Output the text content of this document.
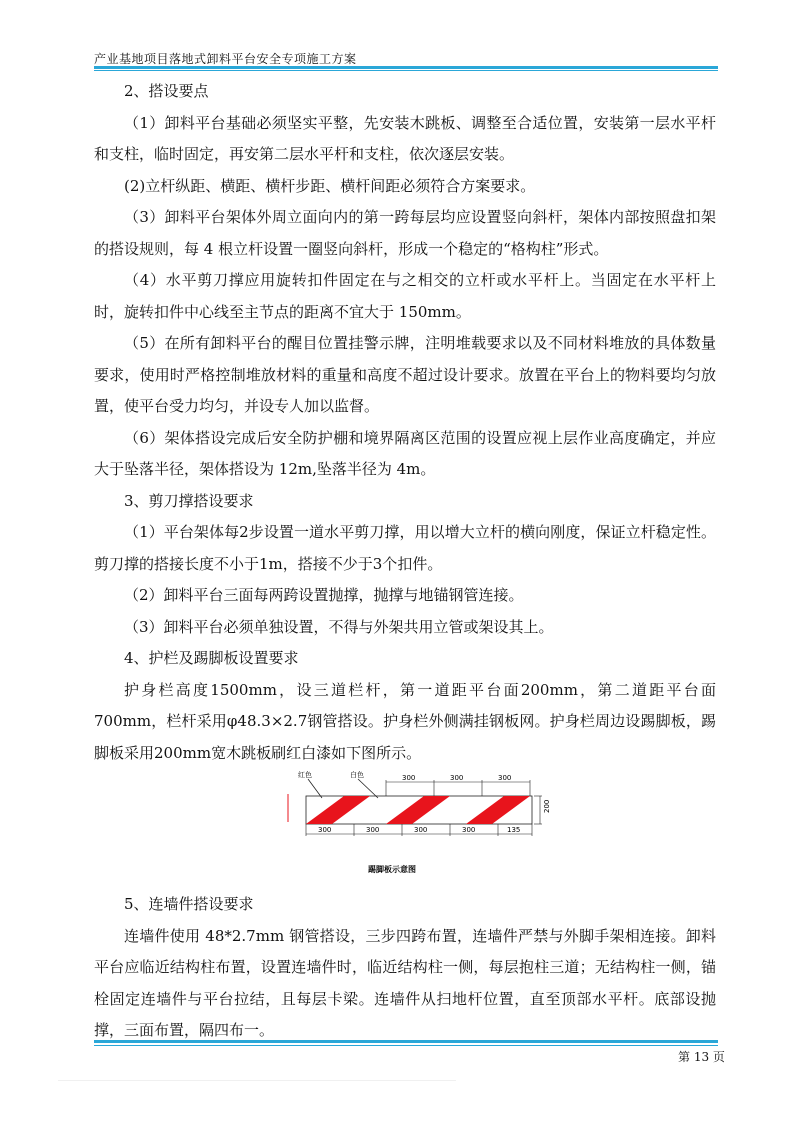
产业基地项目落地式卸料平台安全专项施工方案

2、搭设要点

（1）卸料平台基础必须坚实平整，先安装木跳板、调整至合适位置，安装第一层水平杆和支柱，临时固定，再安第二层水平杆和支柱，依次逐层安装。

(2)立杆纵距、横距、横杆步距、横杆间距必须符合方案要求。

（3）卸料平台架体外周立面向内的第一跨每层均应设置竖向斜杆，架体内部按照盘扣架的搭设规则，每 4 根立杆设置一圈竖向斜杆，形成一个稳定的“格构柱”形式。

（4）水平剪刀撑应用旋转扣件固定在与之相交的立杆或水平杆上。当固定在水平杆上时，旋转扣件中心线至主节点的距离不宜大于 150mm。

（5）在所有卸料平台的醒目位置挂警示牌，注明堆载要求以及不同材料堆放的具体数量要求，使用时严格控制堆放材料的重量和高度不超过设计要求。放置在平台上的物料要均匀放置，使平台受力均匀，并设专人加以监督。

（6）架体搭设完成后安全防护棚和境界隔离区范围的设置应视上层作业高度确定，并应大于坠落半径，架体搭设为 12m,坠落半径为 4m。

3、剪刀撑搭设要求

（1）平台架体每2步设置一道水平剪刀撑，用以增大立杆的横向刚度，保证立杆稳定性。剪刀撑的搭接长度不小于1m，搭接不少于3个扣件。

（2）卸料平台三面每两跨设置抛撑，抛撑与地锚钢管连接。

（3）卸料平台必须单独设置，不得与外架共用立管或架设其上。

4、护栏及踢脚板设置要求

护身栏高度1500mm，设三道栏杆，第一道距平台面200mm，第二道距平台面700mm，栏杆采用φ48.3×2.7钢管搭设。护身栏外侧满挂钢板网。护身栏周边设踢脚板，踢脚板采用200mm宽木跳板刷红白漆如下图所示。

5、连墙件搭设要求

连墙件使用 48*2.7mm 钢管搭设，三步四跨布置，连墙件严禁与外脚手架相连接。卸料平台应临近结构柱布置，设置连墙件时，临近结构柱一侧，每层抱柱三道；无结构柱一侧，锚栓固定连墙件与平台拉结，且每层卡梁。连墙件从扫地杆位置，直至顶部水平杆。底部设抛撑，三面布置，隔四布一。

红色	白色	300	300	300
300	300	300	300	135
200
踢脚板示意图
第 13 页
